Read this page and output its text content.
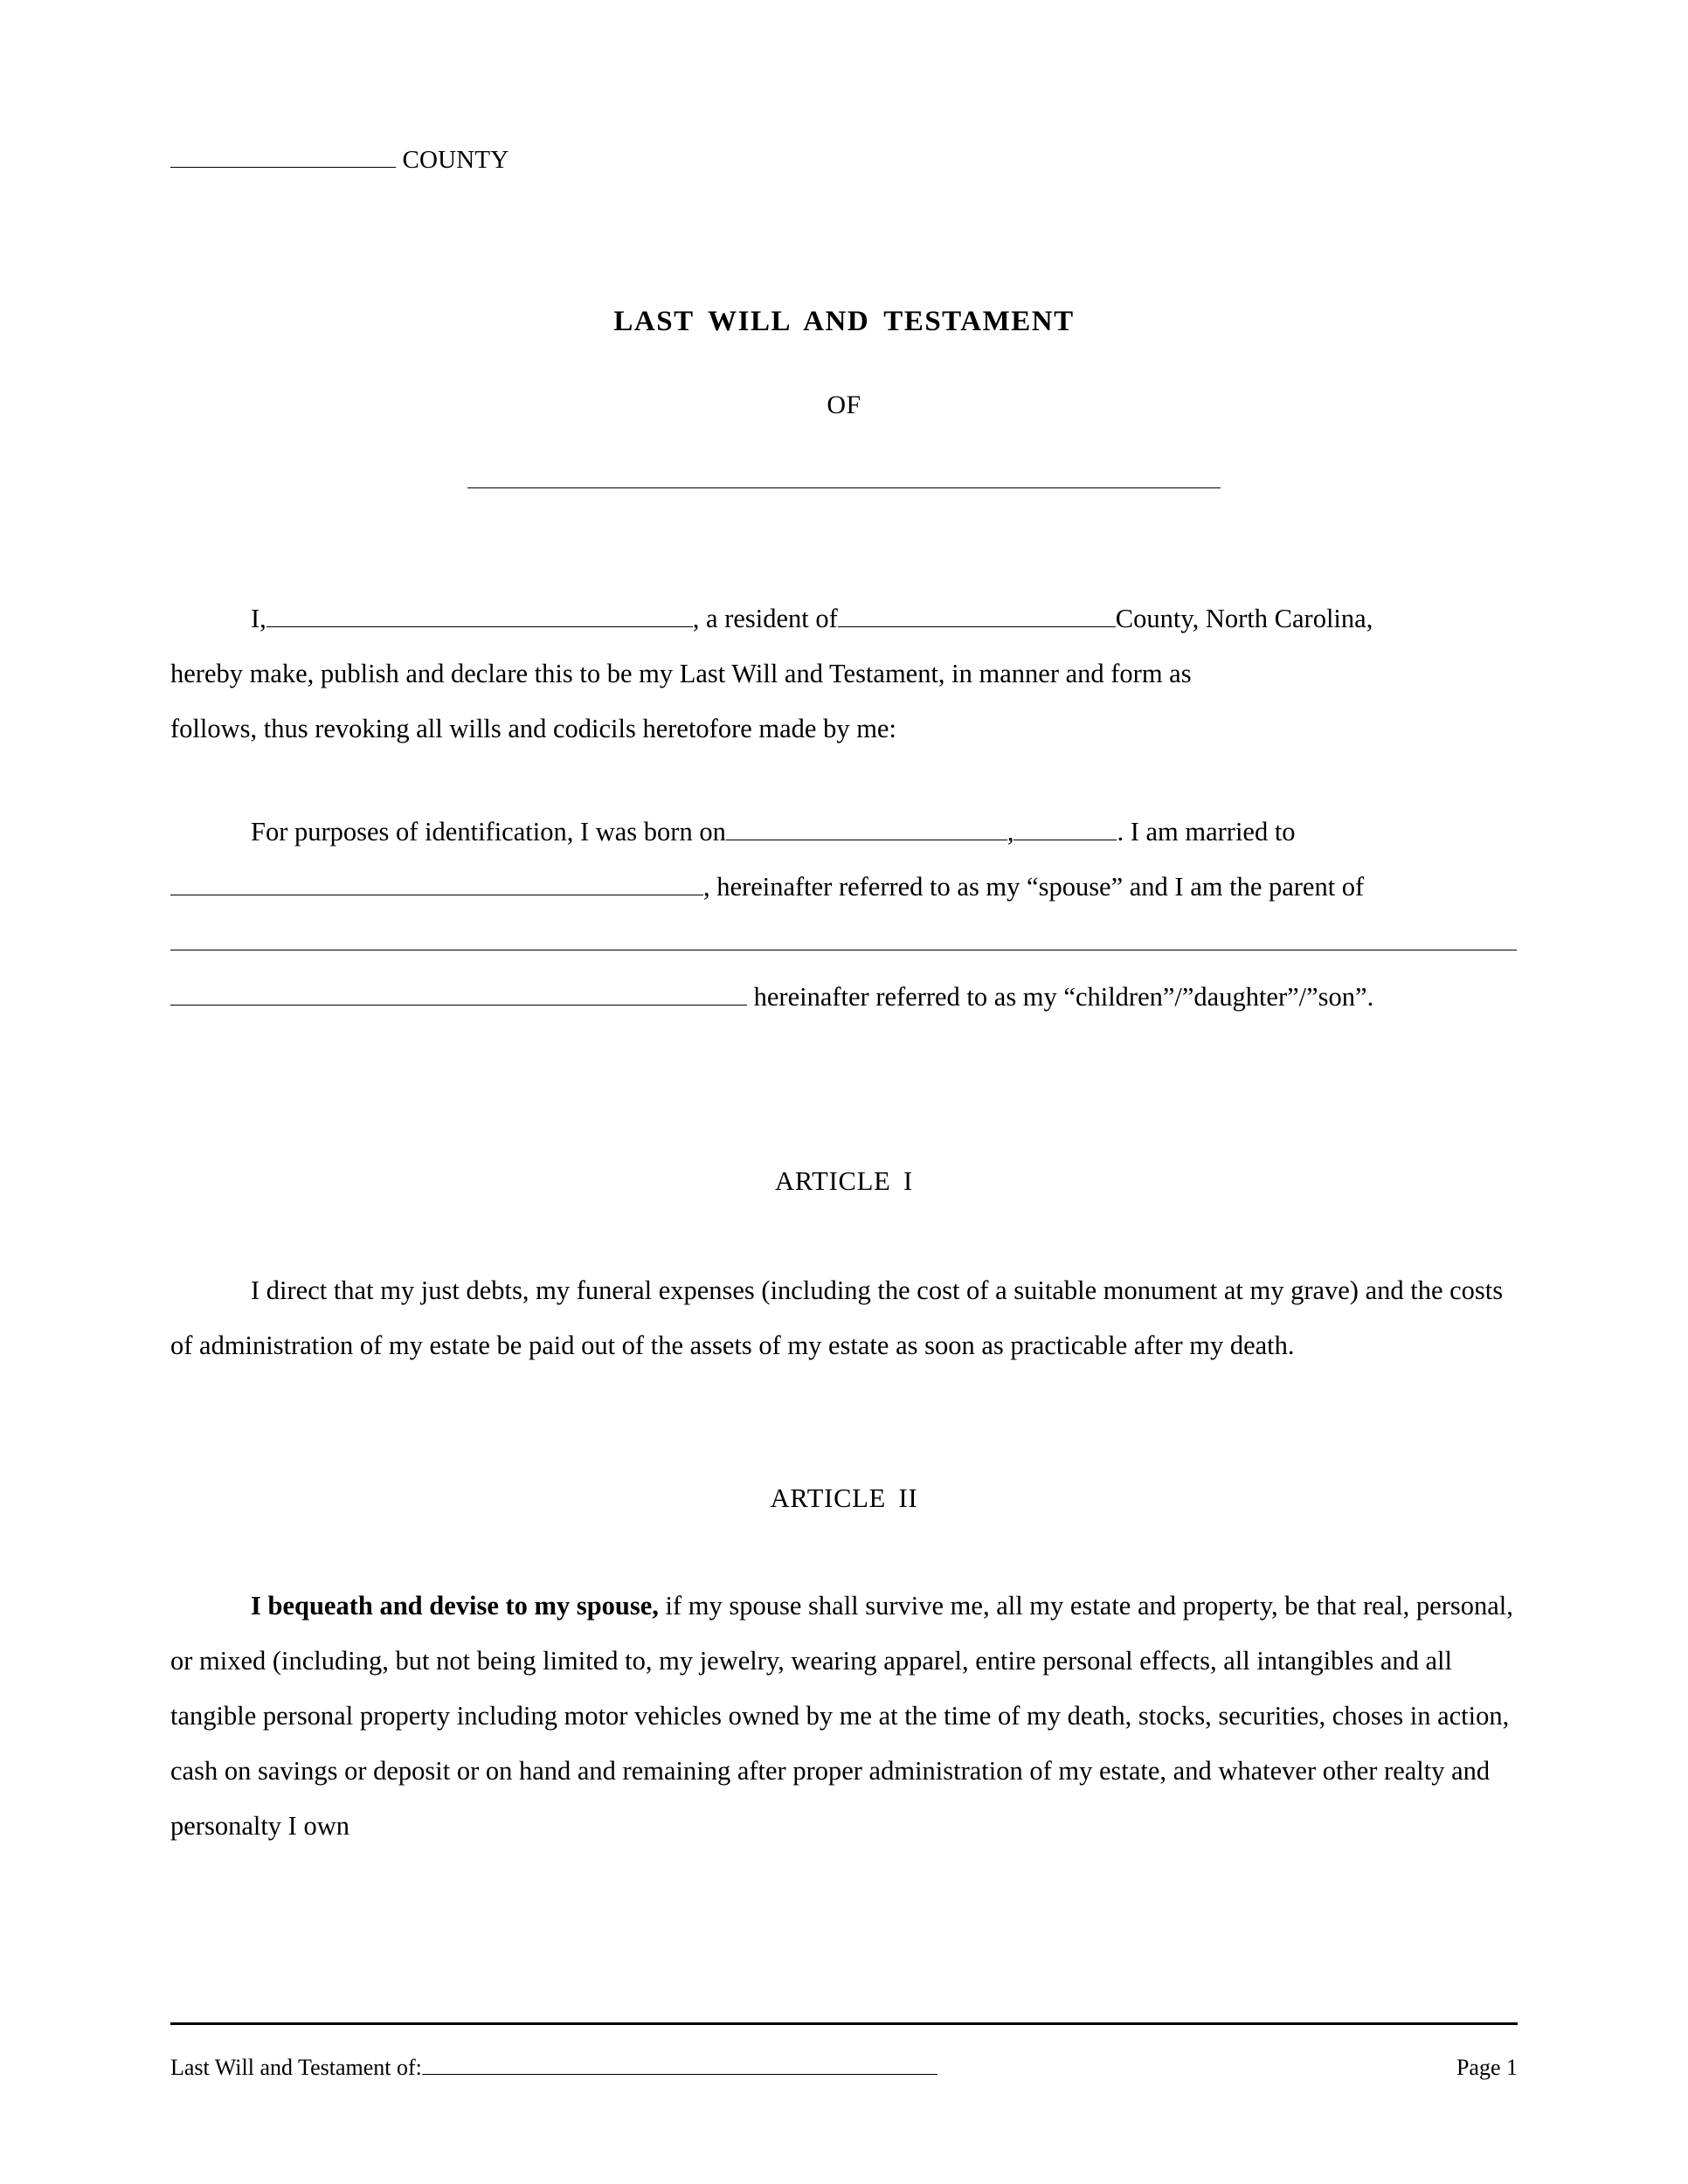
COUNTY
LAST WILL AND TESTAMENT
OF
I,	, a resident of	County, North Carolina,
hereby make, publish and declare this to be my Last Will and Testament, in manner and form as
follows, thus revoking all wills and codicils heretofore made by me:
For purposes of identification, I was born on	,	. I am married to
, hereinafter referred to as my “spouse” and I am the parent of

hereinafter referred to as my “children”/”daughter”/”son”.
ARTICLE I
I direct that my just debts, my funeral expenses (including the cost of a suitable monument at my grave) and the costs of administration of my estate be paid out of the assets of my estate as soon as practicable after my death.
ARTICLE II
I bequeath and devise to my spouse, if my spouse shall survive me, all my estate and property, be that real, personal, or mixed (including, but not being limited to, my jewelry, wearing apparel, entire personal effects, all intangibles and all tangible personal property including motor vehicles owned by me at the time of my death, stocks, securities, choses in action, cash on savings or deposit or on hand and remaining after proper administration of my estate, and whatever other realty and personalty I own
Last Will and Testament of:	Page 1
